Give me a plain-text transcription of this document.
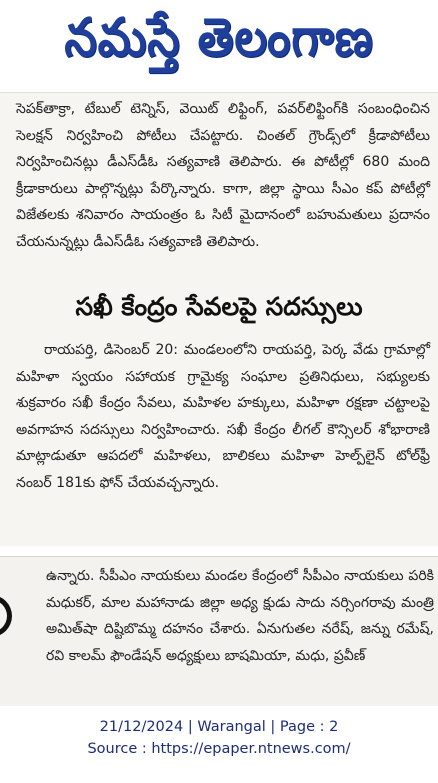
నమస్తే తెలంగాణ

సెపక్‌తాక్రా, టేబుల్ టెన్నిస్, వెయిట్ లిఫ్టింగ్, పవర్‌లిఫ్టింగ్‌కి సంబంధించిన సెలక్షన్ నిర్వహించి పోటీలు చేపట్టారు. చింతల్ గ్రౌండ్స్‌లో క్రీడాపోటీలు నిర్వహించినట్లు డీఎస్‌డీఓ సత్యవాణి తెలిపారు. ఈ పోటీల్లో 680 మంది క్రీడాకారులు పాల్గొన్నట్లు పేర్కొన్నారు. కాగా, జిల్లా స్థాయి సీఎం కప్ పోటీల్లో విజేతలకు శనివారం సాయంత్రం ఓ సిటీ మైదానంలో బహుమతులు ప్రదానం చేయనున్నట్లు డీఎస్‌డీఓ సత్యవాణి తెలిపారు.

సఖీ కేంద్రం సేవలపై సదస్సులు

రాయపర్తి, డిసెంబర్ 20: మండలంలోని రాయపర్తి, పెర్క వేడు గ్రామాల్లో మహిళా స్వయం సహాయక గ్రామైక్య సంఘాల ప్రతినిధులు, సభ్యులకు శుక్రవారం సఖీ కేంద్రం సేవలు, మహిళల హక్కులు, మహిళా రక్షణా చట్టాలపై అవగాహన సదస్సులు నిర్వహించారు. సఖీ కేంద్రం లీగల్ కౌన్సిలర్ శోభారాణి మాట్లాడుతూ ఆపదలో మహిళలు, బాలికలు మహిళా హెల్ప్‌లైన్ టోల్‌ఫ్రీ నంబర్ 181కు ఫోన్ చేయవచ్చన్నారు.

ఉన్నారు. సీపీఎం నాయకులు మండల కేంద్రంలో సీపీఎం నాయకులు పరికి మధుకర్, మాల మహానాడు జిల్లా అధ్య క్షుడు సాదు నర్సింగరావు మంత్రి అమిత్‌షా దిష్టిబొమ్మ దహనం చేశారు. ఏనుగుతల నరేష్, జన్ను రమేష్, రవి కాలమ్ ఫౌండేషన్ అధ్యక్షులు బాషమియా, మధు, ప్రవీణ్

21/12/2024 | Warangal | Page : 2
Source : https://epaper.ntnews.com/
